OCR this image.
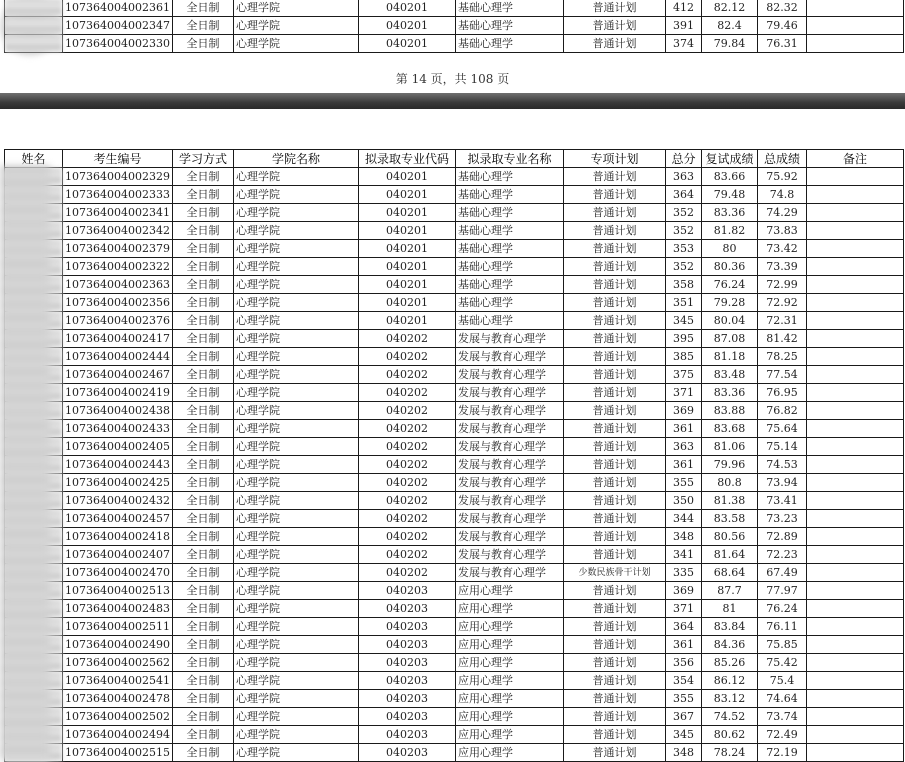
	107364004002361	全日制	心理学院	040201	基础心理学	普通计划	412	82.12	82.32	
	107364004002347	全日制	心理学院	040201	基础心理学	普通计划	391	82.4	79.46	
	107364004002330	全日制	心理学院	040201	基础心理学	普通计划	374	79.84	76.31	
第 14 页，共 108 页
姓名	考生编号	学习方式	学院名称	拟录取专业代码	拟录取专业名称	专项计划	总分	复试成绩	总成绩	备注
	107364004002329	全日制	心理学院	040201	基础心理学	普通计划	363	83.66	75.92	
	107364004002333	全日制	心理学院	040201	基础心理学	普通计划	364	79.48	74.8	
	107364004002341	全日制	心理学院	040201	基础心理学	普通计划	352	83.36	74.29	
	107364004002342	全日制	心理学院	040201	基础心理学	普通计划	352	81.82	73.83	
	107364004002379	全日制	心理学院	040201	基础心理学	普通计划	353	80	73.42	
	107364004002322	全日制	心理学院	040201	基础心理学	普通计划	352	80.36	73.39	
	107364004002363	全日制	心理学院	040201	基础心理学	普通计划	358	76.24	72.99	
	107364004002356	全日制	心理学院	040201	基础心理学	普通计划	351	79.28	72.92	
	107364004002376	全日制	心理学院	040201	基础心理学	普通计划	345	80.04	72.31	
	107364004002417	全日制	心理学院	040202	发展与教育心理学	普通计划	395	87.08	81.42	
	107364004002444	全日制	心理学院	040202	发展与教育心理学	普通计划	385	81.18	78.25	
	107364004002467	全日制	心理学院	040202	发展与教育心理学	普通计划	375	83.48	77.54	
	107364004002419	全日制	心理学院	040202	发展与教育心理学	普通计划	371	83.36	76.95	
	107364004002438	全日制	心理学院	040202	发展与教育心理学	普通计划	369	83.88	76.82	
	107364004002433	全日制	心理学院	040202	发展与教育心理学	普通计划	361	83.68	75.64	
	107364004002405	全日制	心理学院	040202	发展与教育心理学	普通计划	363	81.06	75.14	
	107364004002443	全日制	心理学院	040202	发展与教育心理学	普通计划	361	79.96	74.53	
	107364004002425	全日制	心理学院	040202	发展与教育心理学	普通计划	355	80.8	73.94	
	107364004002432	全日制	心理学院	040202	发展与教育心理学	普通计划	350	81.38	73.41	
	107364004002457	全日制	心理学院	040202	发展与教育心理学	普通计划	344	83.58	73.23	
	107364004002418	全日制	心理学院	040202	发展与教育心理学	普通计划	348	80.56	72.89	
	107364004002407	全日制	心理学院	040202	发展与教育心理学	普通计划	341	81.64	72.23	
	107364004002470	全日制	心理学院	040202	发展与教育心理学	少数民族骨干计划	335	68.64	67.49	
	107364004002513	全日制	心理学院	040203	应用心理学	普通计划	369	87.7	77.97	
	107364004002483	全日制	心理学院	040203	应用心理学	普通计划	371	81	76.24	
	107364004002511	全日制	心理学院	040203	应用心理学	普通计划	364	83.84	76.11	
	107364004002490	全日制	心理学院	040203	应用心理学	普通计划	361	84.36	75.85	
	107364004002562	全日制	心理学院	040203	应用心理学	普通计划	356	85.26	75.42	
	107364004002541	全日制	心理学院	040203	应用心理学	普通计划	354	86.12	75.4	
	107364004002478	全日制	心理学院	040203	应用心理学	普通计划	355	83.12	74.64	
	107364004002502	全日制	心理学院	040203	应用心理学	普通计划	367	74.52	73.74	
	107364004002494	全日制	心理学院	040203	应用心理学	普通计划	345	80.62	72.49	
	107364004002515	全日制	心理学院	040203	应用心理学	普通计划	348	78.24	72.19	
